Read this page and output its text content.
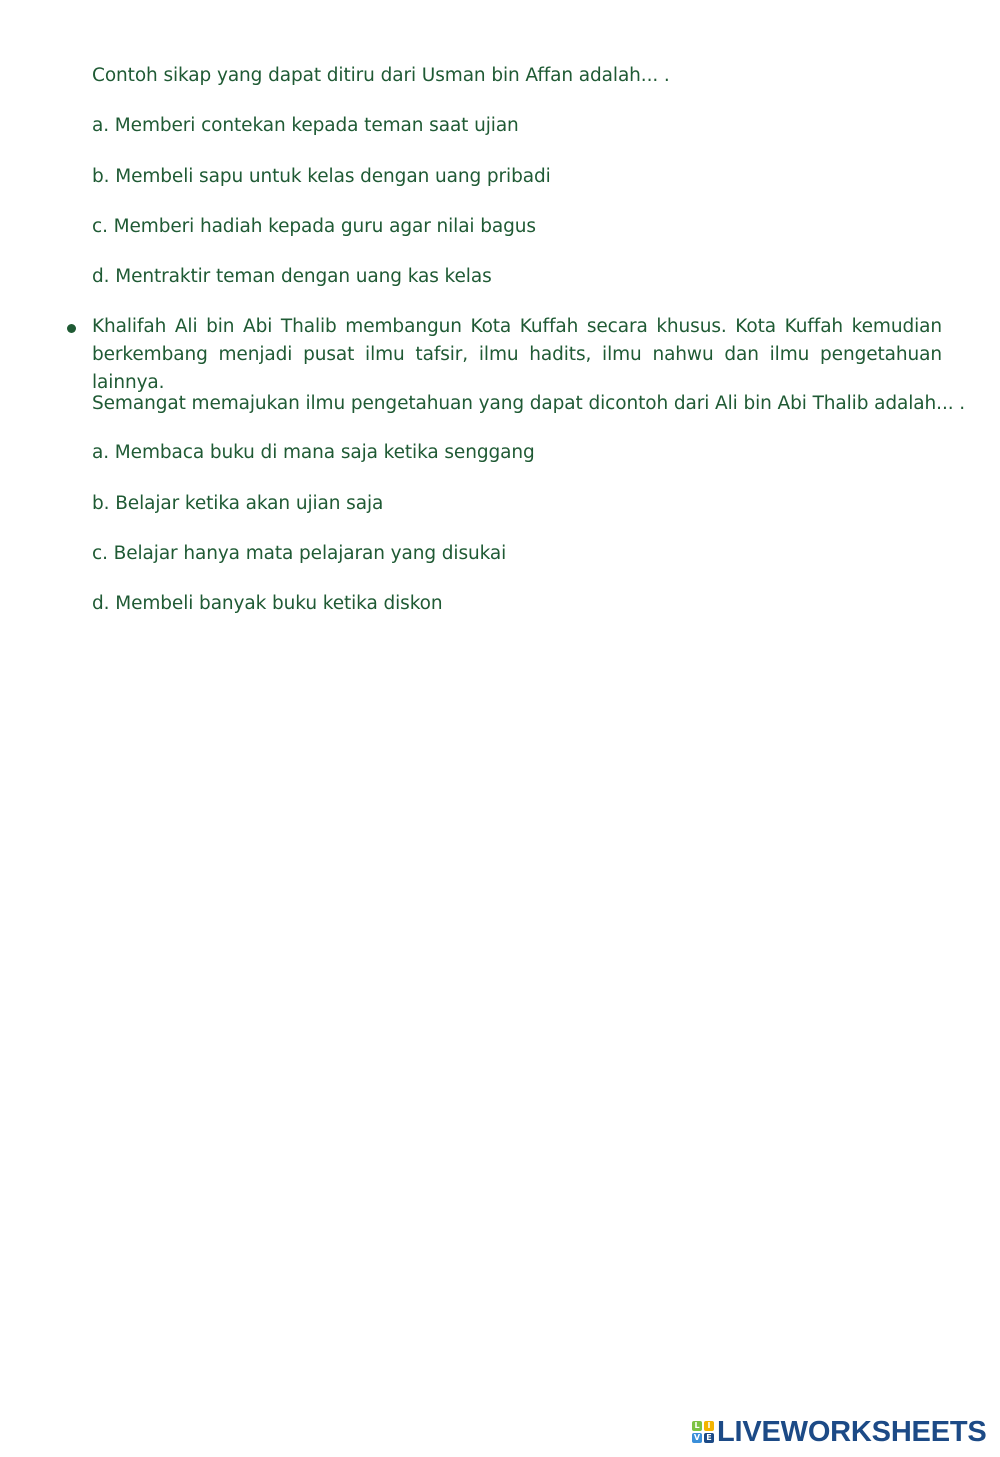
Contoh sikap yang dapat ditiru dari Usman bin Affan adalah... .
a. Memberi contekan kepada teman saat ujian
b. Membeli sapu untuk kelas dengan uang pribadi
c. Memberi hadiah kepada guru agar nilai bagus
d. Mentraktir teman dengan uang kas kelas
Khalifah Ali bin Abi Thalib membangun Kota Kuffah secara khusus. Kota Kuffah kemudian berkembang menjadi pusat ilmu tafsir, ilmu hadits, ilmu nahwu dan ilmu pengetahuan lainnya.
Semangat memajukan ilmu pengetahuan yang dapat dicontoh dari Ali bin Abi Thalib adalah... .
a. Membaca buku di mana saja ketika senggang
b. Belajar ketika akan ujian saja
c. Belajar hanya mata pelajaran yang disukai
d. Membeli banyak buku ketika diskon
L I
V E LIVEWORKSHEETS
